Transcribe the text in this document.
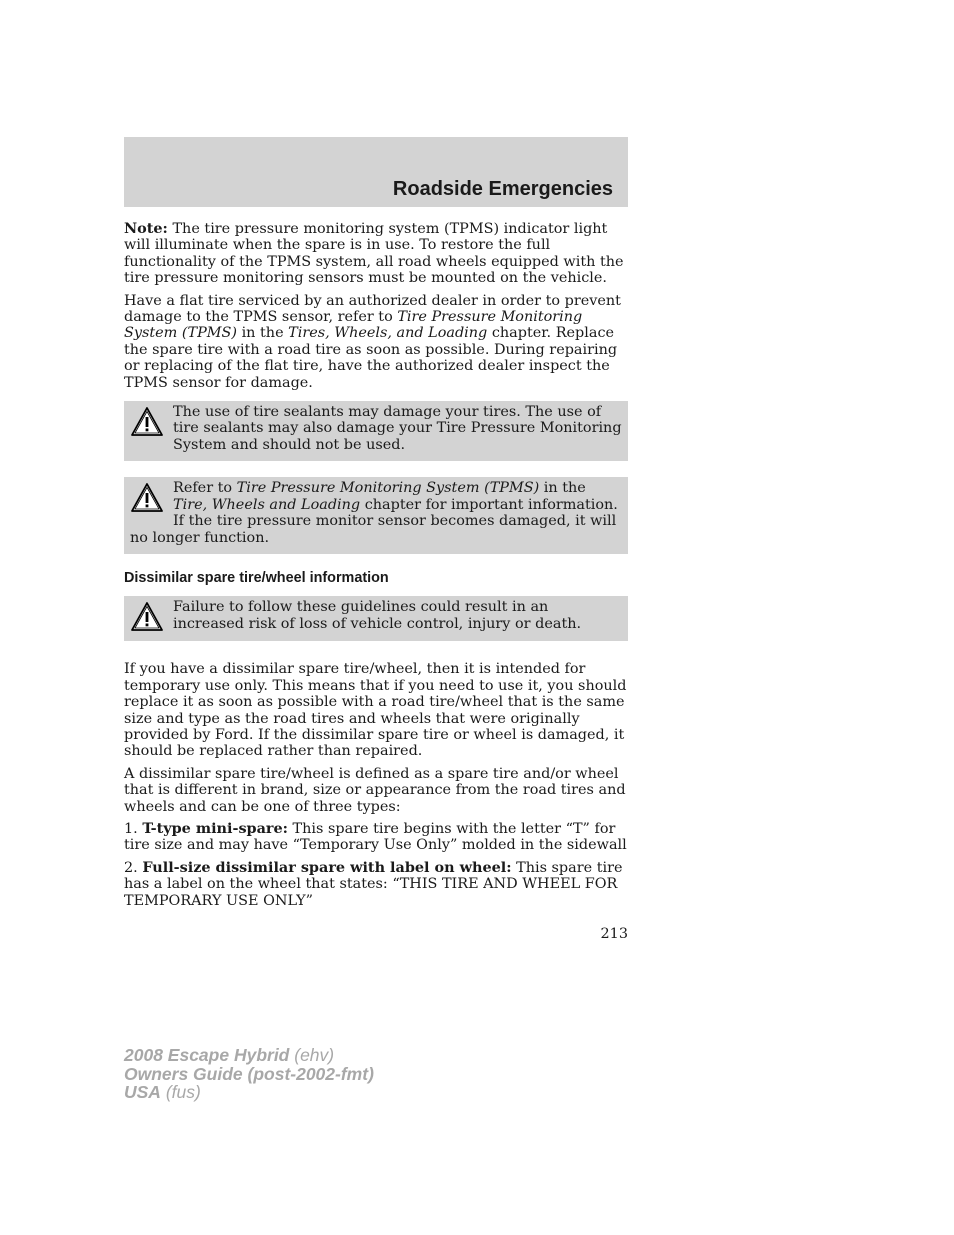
Roadside Emergencies

Note: The tire pressure monitoring system (TPMS) indicator light will illuminate when the spare is in use. To restore the full functionality of the TPMS system, all road wheels equipped with the tire pressure monitoring sensors must be mounted on the vehicle.

Have a flat tire serviced by an authorized dealer in order to prevent damage to the TPMS sensor, refer to Tire Pressure Monitoring System (TPMS) in the Tires, Wheels, and Loading chapter. Replace the spare tire with a road tire as soon as possible. During repairing or replacing of the flat tire, have the authorized dealer inspect the TPMS sensor for damage.

The use of tire sealants may damage your tires. The use of tire sealants may also damage your Tire Pressure Monitoring System and should not be used.
Refer to Tire Pressure Monitoring System (TPMS) in the Tire, Wheels and Loading chapter for important information. If the tire pressure monitor sensor becomes damaged, it will no longer function.
Dissimilar spare tire/wheel information
Failure to follow these guidelines could result in an increased risk of loss of vehicle control, injury or death.

If you have a dissimilar spare tire/wheel, then it is intended for temporary use only. This means that if you need to use it, you should replace it as soon as possible with a road tire/wheel that is the same size and type as the road tires and wheels that were originally provided by Ford. If the dissimilar spare tire or wheel is damaged, it should be replaced rather than repaired.

A dissimilar spare tire/wheel is defined as a spare tire and/or wheel that is different in brand, size or appearance from the road tires and wheels and can be one of three types:

1. T-type mini-spare: This spare tire begins with the letter “T” for tire size and may have “Temporary Use Only” molded in the sidewall

2. Full-size dissimilar spare with label on wheel: This spare tire has a label on the wheel that states: “THIS TIRE AND WHEEL FOR TEMPORARY USE ONLY”

213
2008 Escape Hybrid (ehv)
Owners Guide (post-2002-fmt)
USA (fus)
